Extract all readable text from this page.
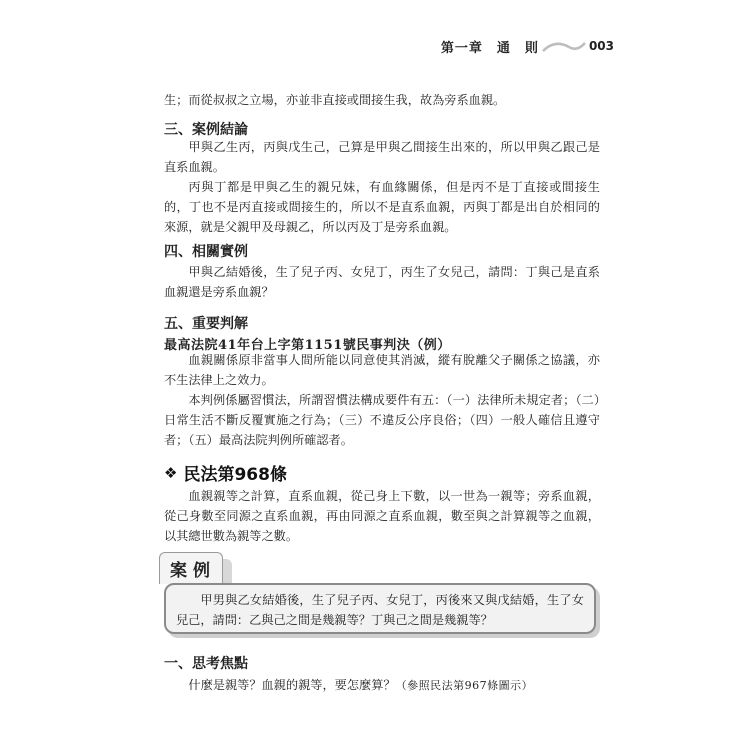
第一章　通　則	003

生；而從叔叔之立場，亦並非直接或間接生我，故為旁系血親。

三、案例結論

甲與乙生丙，丙與戊生己，己算是甲與乙間接生出來的，所以甲與乙跟己是直系血親。

丙與丁都是甲與乙生的親兄妹，有血緣關係，但是丙不是丁直接或間接生的，丁也不是丙直接或間接生的，所以不是直系血親，丙與丁都是出自於相同的來源，就是父親甲及母親乙，所以丙及丁是旁系血親。

四、相關實例

甲與乙結婚後，生了兒子丙、女兒丁，丙生了女兒己，請問：丁與己是直系血親還是旁系血親？

五、重要判解
最高法院41年台上字第1151號民事判決（例）

血親關係原非當事人間所能以同意使其消滅，縱有脫離父子關係之協議，亦不生法律上之效力。

本判例係屬習慣法，所謂習慣法構成要件有五：（一）法律所未規定者；（二）日常生活不斷反覆實施之行為；（三）不違反公序良俗；（四）一般人確信且遵守者；（五）最高法院判例所確認者。

❖ 民法第968條

血親親等之計算，直系血親，從己身上下數，以一世為一親等；旁系血親，從己身數至同源之直系血親，再由同源之直系血親，數至與之計算親等之血親，以其總世數為親等之數。

案例

甲男與乙女結婚後，生了兒子丙、女兒丁，丙後來又與戊結婚，生了女兒己，請問：乙與己之間是幾親等？丁與己之間是幾親等？

一、思考焦點

什麼是親等？血親的親等，要怎麼算？（參照民法第967條圖示）
